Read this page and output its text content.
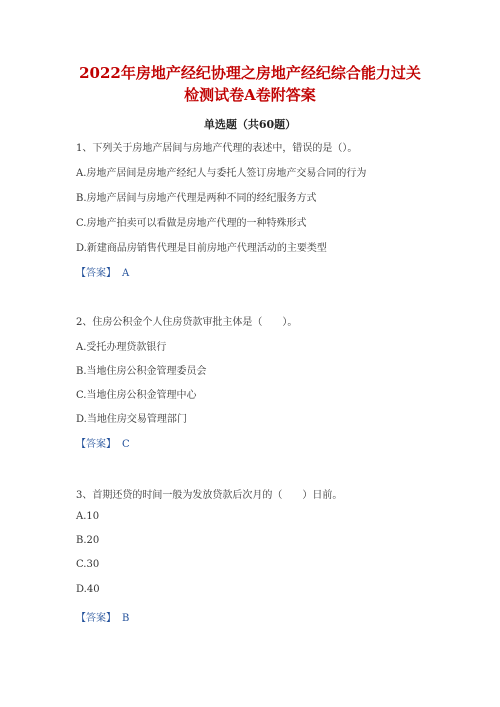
2022年房地产经纪协理之房地产经纪综合能力过关
检测试卷A卷附答案
单选题（共60题）
1、下列关于房地产居间与房地产代理的表述中，错误的是（）。
A.房地产居间是房地产经纪人与委托人签订房地产交易合同的行为
B.房地产居间与房地产代理是两种不同的经纪服务方式
C.房地产拍卖可以看做是房地产代理的一种特殊形式
D.新建商品房销售代理是目前房地产代理活动的主要类型
【答案】 A
2、住房公积金个人住房贷款审批主体是（　　）。
A.受托办理贷款银行
B.当地住房公积金管理委员会
C.当地住房公积金管理中心
D.当地住房交易管理部门
【答案】 C
3、首期还贷的时间一般为发放贷款后次月的（　　）日前。
A.10
B.20
C.30
D.40
【答案】 B
